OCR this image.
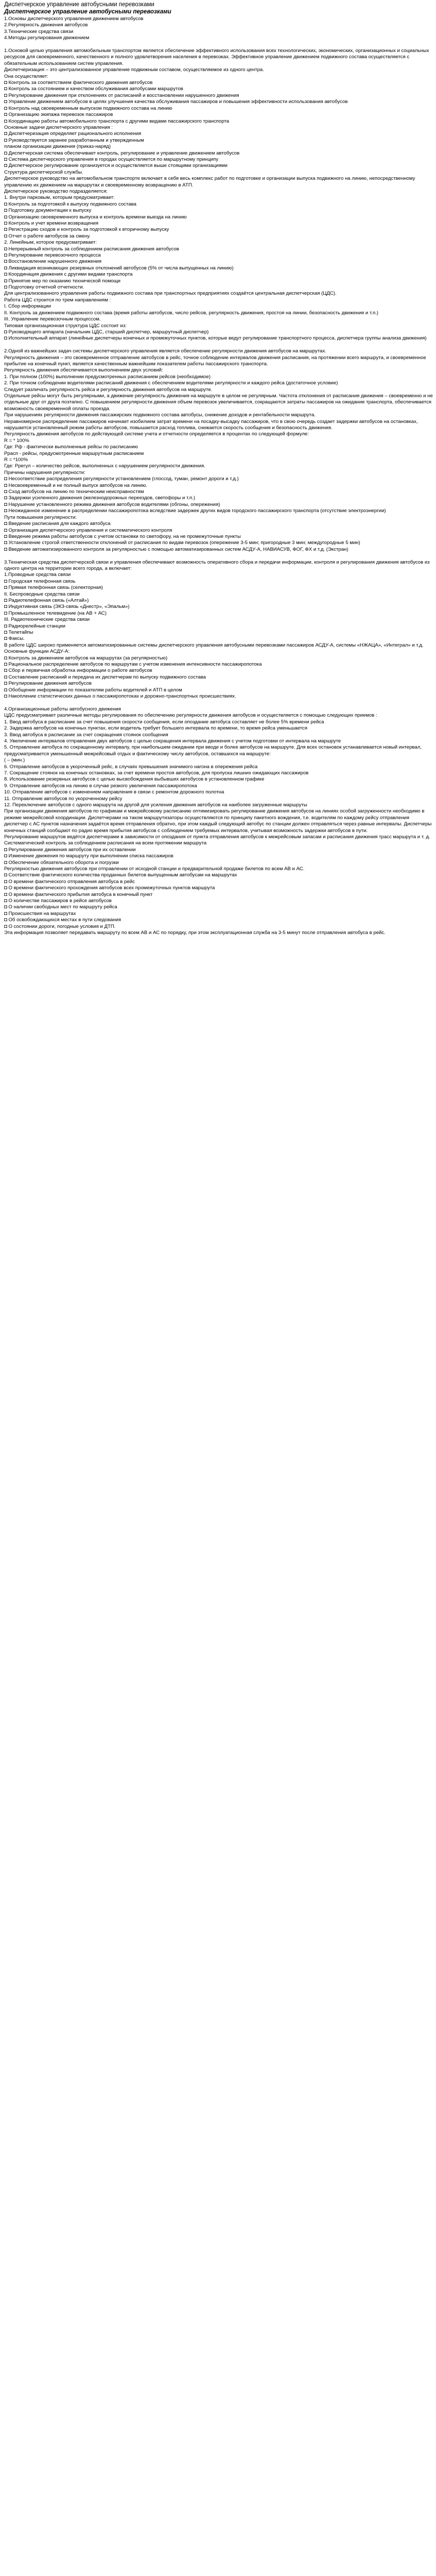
Диспетчерское управление автобусными перевозками
Диспетчерское управление автобусными перевозками

1.Основы диспетчерского управления движением автобусов

2.Регулярность движения автобусов

3.Технические средства связи

4.Методы регулирования движением

1.Основой целью управления автомобильным транспортом является обеспечение эффективного использования всех технологических, экономических, организационных и социальных ресурсов для своевременного, качественного и полного удовлетворения населения в перевозках. Эффективное управление движением подвижного состава осуществляется с обязательным использованием систем управления.

Диспетчеризация – это централизованное управление подвижным составом, осуществляемое из одного центра.

Она осуществляет:

◘ Контроль за соответствием фактического движения автобусов

◘ Контроль за состоянием и качеством обслуживания автобусами маршрутов

◘ Регулирование движения при отклонениях от расписаний и восстановлении нарушенного движения

◘ Управление движением автобусов в целях улучшения качества обслуживания пассажиров и повышения эффективности использования автобусов

◘ Контроль над своевременным выпуском подвижного состава на линию

◘ Организацию экипажа перевозок пассажиров

◘ Координацию работы автомобильного транспорта с другими видами пассажирского транспорта

Основные задачи диспетчерского управления :

◘ Диспетчеризация определяет рационального исполнения

◘ Руководствуется заранее разработанным и утвержденным

планом организации движения (приказ-наряд)

◘ Диспетчерская система обеспечивает контроль, регулирование и управление движением автобусов

◘ Система диспетчерского управления в городах осуществляется по маршрутному принципу

◘ Диспетчерское регулирование организуется и осуществляется выше стоящими организациями

Структура диспетчерской службы.

Диспетчерское руководство на автомобильном транспорте включает в себя весь комплекс работ по подготовке и организации выпуска подвижного на линию, непосредственному управлению их движением на маршрутах и своевременному возвращению в АТП.

Диспетчерское руководство подразделяется:

1. Внутри парковым, которым предусматривает:

◘ Контроль за подготовкой к выпуску подвижного состава

◘ Подготовку документации к выпуску

◘ Организацию своевременного выпуска и контроль времени выезда на линию

◘ Контроль и учет времени возвращения

◘ Регистрацию сходов и контроль за подготовкой к вторичному выпуску

◘ Отчет о работе автобусов за смену.

2. Линейным, которое предусматривает:

◘ Непрерывный контроль за соблюдением расписания движения автобусов

◘ Регулирование перевозочного процесса

◘ Восстановление нарушенного движения

◘ Ликвидация возникающих резервных отклонений автобусов (5% от числа выпущенных на линию)

◘ Координация движения с другими видами транспорта

◘ Принятие мер по оказанию технической помощи

◘ Подготовку отчетной отчетности.

Для централизованного управления работы подвижного состава при транспортных предприятиях создаётся центральная диспетчерская (ЦДС).

Работа ЦДС строится по трем направлениям :

I. Сбор информации

II. Контроль за движением подвижного состава (время работы автобусов, число рейсов, регулярность движения, простоя на линии, безопасность движения и т.п.)

III. Управление перевозочным процессом.

Типовая организационная структура ЦДС состоит из:

◘ Руководящего аппарата (начальник ЦДС, старший диспетчер, маршрутный диспетчер)

◘ Исполнительный аппарат (линейные диспетчеры конечных и промежуточных пунктов, которые ведут регулирование транспортного процесса, диспетчера группы анализа движения)

2.Одной из важнейших задач системы диспетчерского управления является обеспечение регулярности движения автобусов на маршрутах.

Регулярность движения – это своевременное отправление автобусов в рейс, точное соблюдение интервалов движения расписания, на протяжении всего маршрута, и своевременное прибытие на конечный пункт, является качественным важнейшим показателем работы пассажирского транспорта.

Регулярность движения обеспечивается выполнением двух условий:

1. При полном (100%) выполнении предусмотренных расписанием рейсов (необходимое)

2. При точном соблюдении водителями расписаний движения с обеспечением водителями регулярности и каждого рейса (достаточное условие)

Следует различать регулярность рейса и регулярность движения автобусов на маршруте.

Отдельные рейсы могут быть регулярными, а движение регулярность движения на маршруте в целом не регулярным. Частота отклонения от расписания движения – своевременно и не отдельные друг от друга поэтапно. С повышением регулярности движения объем перевозок увеличивается, сокращаются затраты пассажиров на ожидание транспорта, обеспечивается возможность своевременной оплаты проезда.

При нарушениях регулярности движения пассажирских подвижного состава автобусы, снижение доходов и рентабельности маршрута.

Неравномерное распределение пассажиров начинает изобилием затрат времени на посадку-высадку пассажиров, что в свою очередь создает задержки автобусов на остановках, нарушается установленный режим работы автобусов, повышается расход топлива, снижается скорость сообщения и безопасность движения.

Регулярность движения автобусов по действующей системе учета и отчетности определяется в процентах по следующей формуле:

R = * 100%

Где: Рф - фактически выполненные рейсы по расписанию

Ррасп - рейсы, предусмотренные маршрутным расписанием

R = *100%

Где: Ррегул – количество рейсов, выполненных с нарушением регулярности движения.

Причины нарушения регулярности:

◘ Несоответствие распределения регулярности установлением (глоссод, туман, ремонт дороги и т.д.)

◘ Несвоевременный и не полный выпуск автобусов на линию.

◘ Сход автобусов на линию по техническим неисправностям

◘ Задержки усиленного движения (железнодорожных переездов, светофоры и т.п.)

◘ Нарушение установленного режима движения автобусов водителями (обгоны, опережения)

◘ Неожиданное изменение в распределении пассажиропотока вследствие задержек других видов городского пассажирского транспорта (отсутствие электроэнергии)

Пути повышения регулярности:

◘ Введение расписания для каждого автобуса

◘ Организация диспетчерского управления и систематического контроля

◘ Введение режима работы автобусов с учетом остановки по светофору, на не промежуточные пункты

◘ Установление строгой ответственности отклонений от расписания по видам перевозок (опережение 3-5 мин; пригородные 3 мин; междугородные 5 мин)

◘ Введение автоматизированного контроля за регулярностью с помощью автоматизированных систем АСДУ-А, НАВИАСУВ, ФОГ, ФХ и т.д. (Экстран)

3.Техническая средства диспетчерской связи и управления обеспечивают возможность оперативного сбора и передачи информации, контроля и регулирования движения автобусов из одного центра на территории всего города, а включает:

1.Проводные средства связи

◘ Городская телефонная связь

◘ Прямая телефонная связь (селекторная)

II. Беспроводные средства связи

◘ Радиотелефонная связь («Алтай»)

◘ Индуктивная связь (ЭКЗ-связь «Днестр», «Эпальм»)

◘ Промышленное телевидение (на АВ + АС)

III. Радиотехнические средства связи

◘ Радиорелейные станции

◘ Телетайпы

◘ Факсы.

В работе ЦДС широко применяется автоматизированные системы диспетчерского управления автобусными перевозками пассажиров АСДУ-А, системы «НЖАЦА», «Интеграл» и т.д.

Основные функции АСДУ-А:

◘ Контроль за движением автобусов на маршрутах (за регулярностью)

◘ Рациональное распределение автобусов по маршрутам с учетом изменения интенсивности пассажиропотока

◘ Сбор и первичная обработка информации о работе автобусов

◘ Составление расписаний и передача их диспетчерам по выпуску подвижного состава

◘ Регулирование движения автобусов

◘ Обобщение информации по показателям работы водителей и АТП в целом

◘ Накопление статистических данных о пассажиропотоках и дорожно-транспортных происшествиях.

4.Организационные работы автобусного движения

ЦДС предусматривает различные методы регулирования по обеспечению регулярности движения автобусов и осуществляется с помощью следующих приемов :

1. Ввод автобуса в расписание за счет повышения скорости сообщения, если опоздание автобуса составляет не более 5% времени рейса

2. Задержка автобусов на конечных пунктах, если водитель требует большего интервала по времени, то время рейса уменьшается

3. Ввод автобуса в расписание за счет сокращения стоянок сообщения

4. Увеличение интервалов отправления двух автобусов с целью сокращения интервала движения с учетом подготовки от интервала на маршруте

5. Отправление автобуса по сокращенному интервалу, при наибольшем ожидании при вводе и более автобусов на маршруте. Для всех остановок устанавливается новый интервал, предусматривается уменьшенный межрейсовый отдых и фактическому числу автобусов, оставшихся на маршруте:

( – (мин.)

6. Отправление автобусов в укороченный рейс, в случаях превышения значимого нагона в опережения рейса

7. Сокращение стоянок на конечных остановках, за счет времени простоя автобусов, для пропуска лишних ожидающих пассажиров

8. Использование резервных автобусов с целью высвобождения выбывших автобусов в установленном графике

9. Отправление автобусов на линию в случае резкого увеличения пассажиропотока

10. Отправление автобусов с изменением направления в связи с ремонтом дорожного полотна

11. Отправление автобусов по укороченному рейсу

12. Переключение автобусов с одного маршрута на другой для усиления движения автобусов на наиболее загруженные маршруты

При организации движения автобусов по графикам и межрейсовому расписанию оптимизировать регулирование движения автобусов на линиях особой загруженности необходимо в режиме межрейсовой координации. Диспетчерами на таком маршрутизаторы осуществляются по принципу пакетного вождения, т.е. водителям по каждому рейсу отправления диспетчер с АС пунктов назначения задаётся время отправления обратно, при этом каждый следующий автобус по станции должен отправляться через равные интервалы. Диспетчеры конечных станций сообщают по радио время прибытия автобусов с соблюдением требуемых интервалов, учитывая возможность задержки автобусов в пути.

Регулирование маршрутов ведётся диспетчерами в зависимости от опоздания от пункта отправления автобусов к межрейсовым запасам и расписания движения трасс маршрута и т. д.

Систематический контроль за соблюдением расписания на всем протяжении маршрута

◘ Регулирование движения автобусов при их оставлении

◘ Изменение движения по маршруту при выполнении списка пассажиров

◘ Обеспечение обязательного оборота и погрузки

Регулярностью движения автобусов при отправлении от исходной станции и предварительной продаже билетов по всем АВ и АС.

◘ Соответствие фактического количества проданных билетов выпущенным автобусам на маршрутах

◘ О времени фактического отправления автобуса в рейс

◘ О времени фактического прохождения автобусов всех промежуточных пунктов маршрута

◘ О времени фактического прибытия автобуса в конечный пункт

◘ О количестве пассажиров в рейсе автобусов

◘ О наличии свободных мест по маршруту рейса

◘ Происшествия на маршрутах

◘ Об освобождающихся местах в пути следования

◘ О состоянии дороги, погодные условия и ДТП.

Эта информация позволяет передавать маршруту по всем АВ и АС по порядку, при этом эксплуатационная служба на 3-5 минут после отправления автобуса в рейс.
